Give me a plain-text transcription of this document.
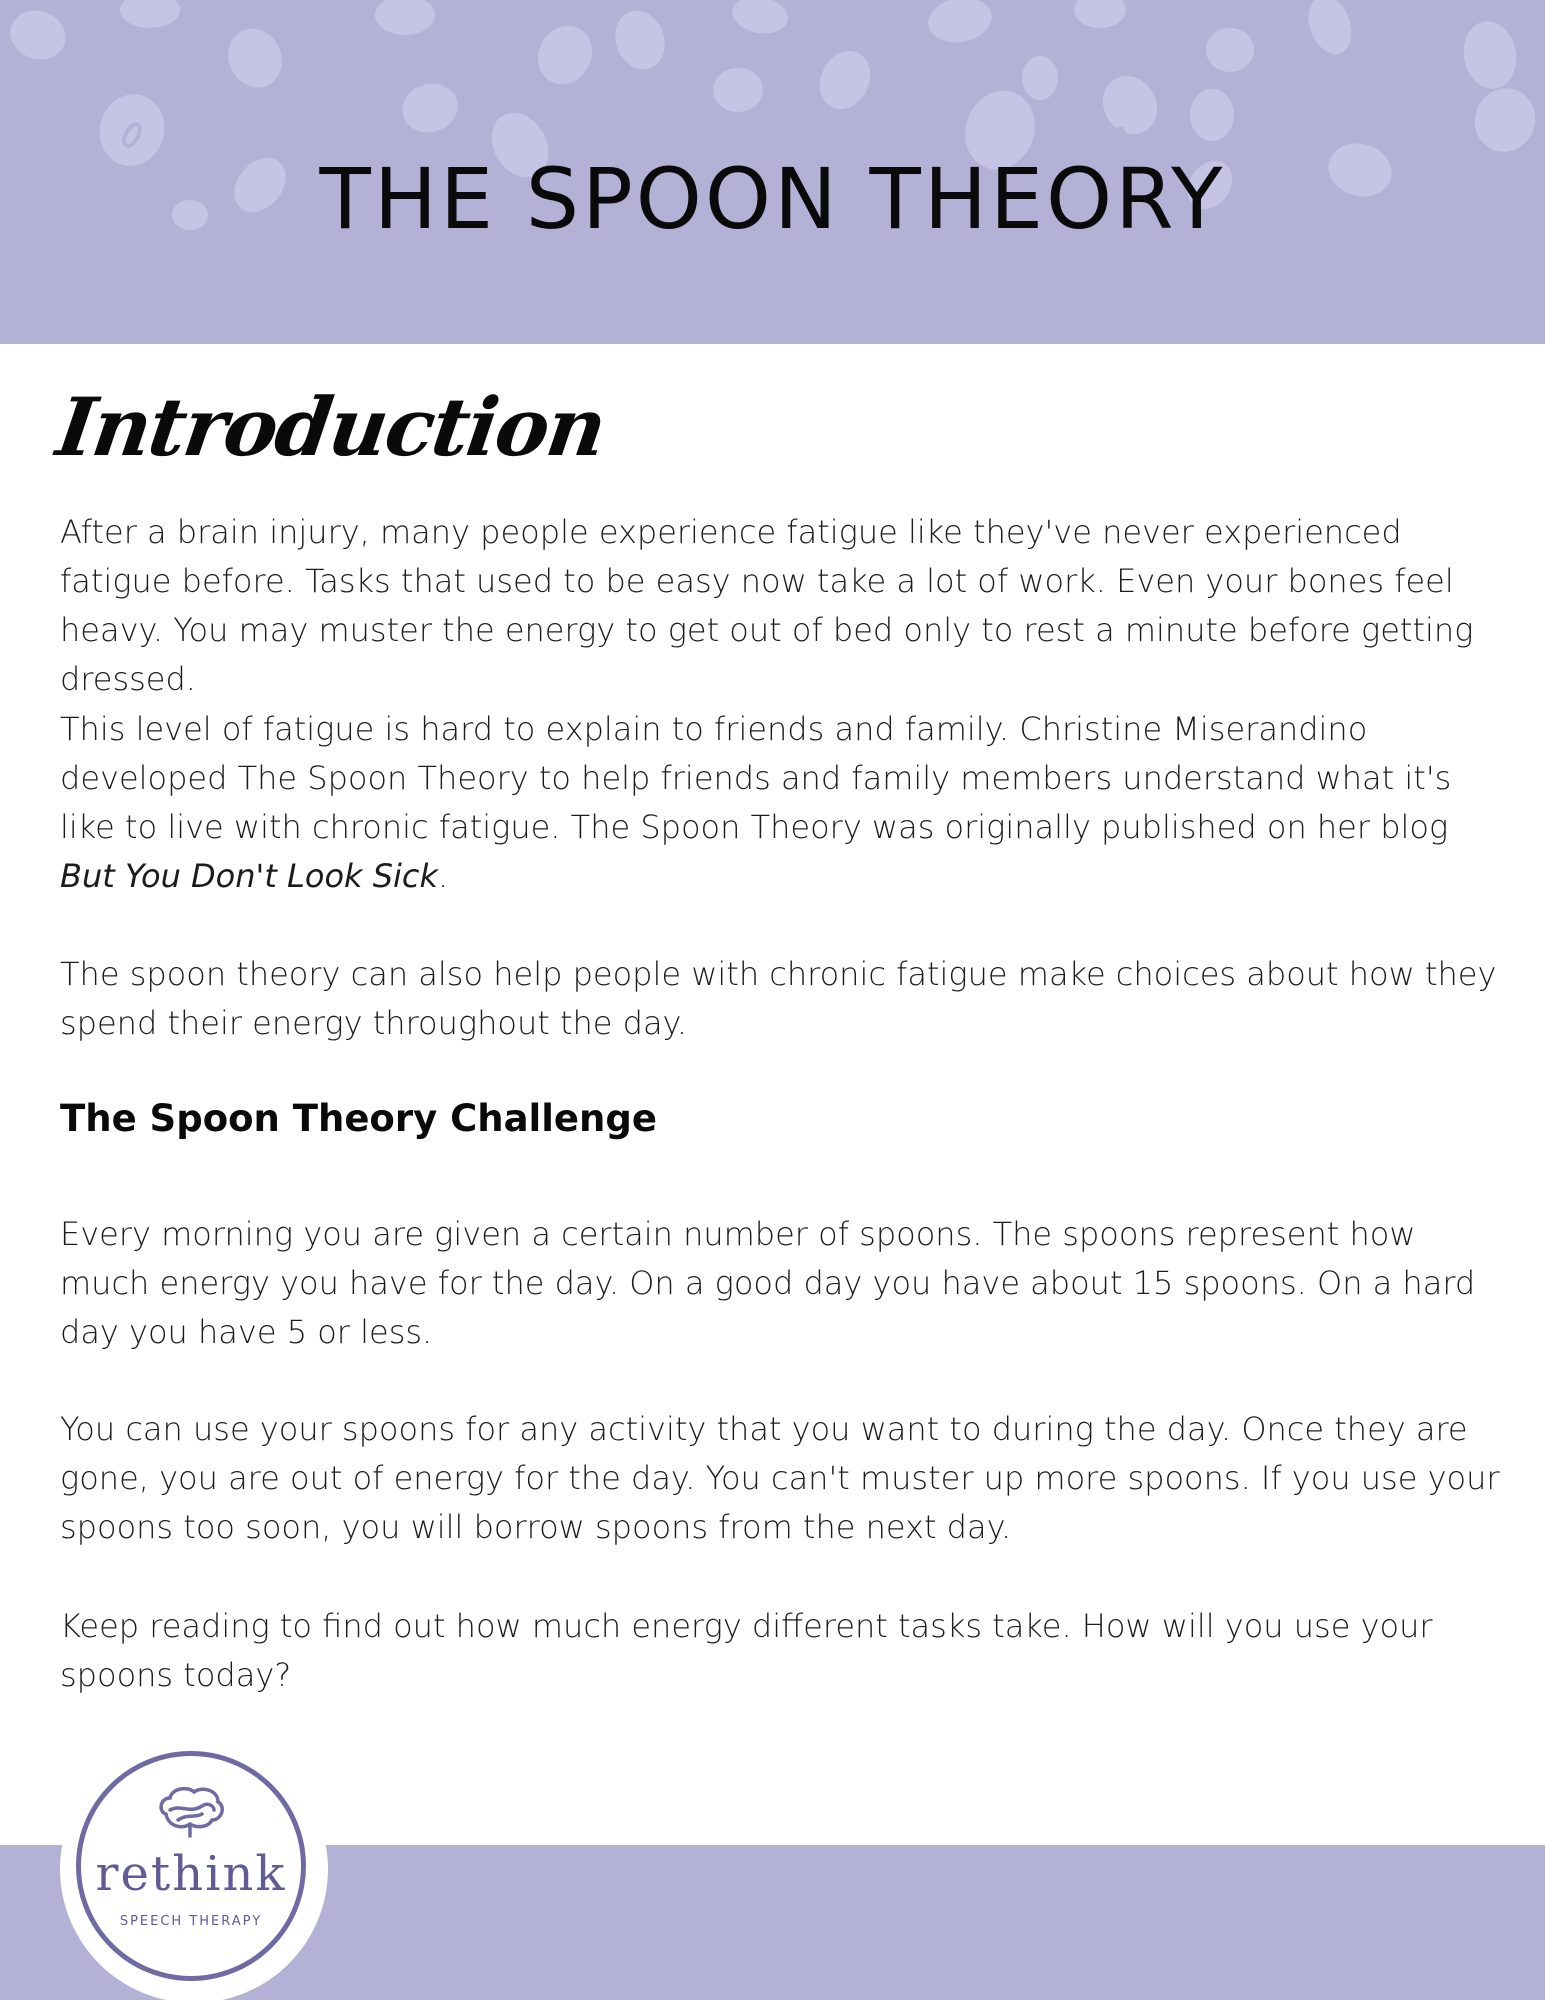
THE SPOON THEORY
Introduction

After a brain injury, many people experience fatigue like they've never experienced fatigue before. Tasks that used to be easy now take a lot of work. Even your bones feel heavy. You may muster the energy to get out of bed only to rest a minute before getting dressed.

This level of fatigue is hard to explain to friends and family. Christine Miserandino developed The Spoon Theory to help friends and family members understand what it's like to live with chronic fatigue. The Spoon Theory was originally published on her blog But You Don't Look Sick.

The spoon theory can also help people with chronic fatigue make choices about how they spend their energy throughout the day.

The Spoon Theory Challenge

Every morning you are given a certain number of spoons. The spoons represent how much energy you have for the day. On a good day you have about 15 spoons. On a hard day you have 5 or less.

You can use your spoons for any activity that you want to during the day. Once they are gone, you are out of energy for the day. You can't muster up more spoons. If you use your spoons too soon, you will borrow spoons from the next day.

Keep reading to find out how much energy different tasks take. How will you use your spoons today?

rethink

SPEECH THERAPY
